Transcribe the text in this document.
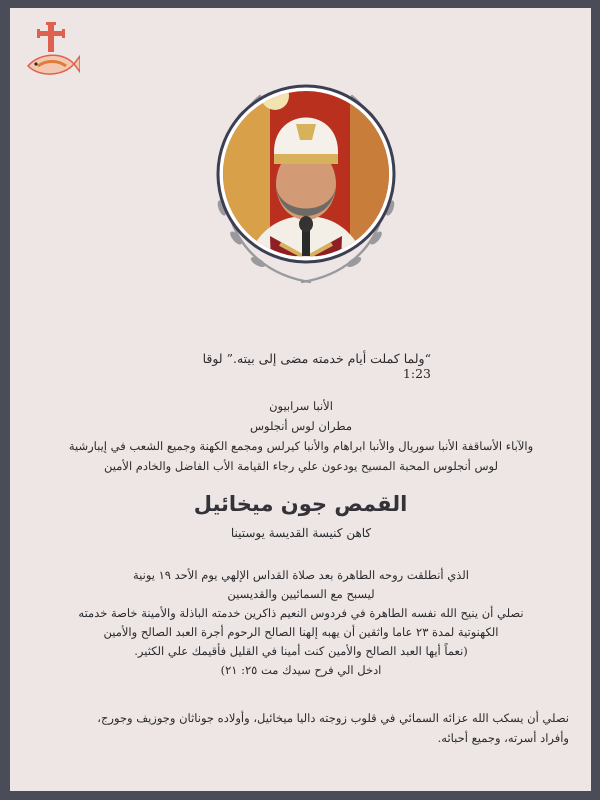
“ولما كملت أيام خدمته مضى إلى بيته.” لوقا 1:23
الأنبا سرابيون
مطران لوس أنجلوس
والآباء الأساقفة الأنبا سوريال والأنبا ابراهام والأنبا كيرلس ومجمع الكهنة وجميع الشعب في إيبارشية
لوس أنجلوس المحبة المسيح يودعون علي رجاء القيامة الأب الفاضل والخادم الأمين
القمص جون ميخائيل
كاهن كنيسة القديسة يوستينا
الذي أنطلقت روحه الطاهرة بعد صلاة القداس الإلهي يوم الأحد ١٩ يونية
ليسبح مع السمائيين والقديسين
نصلي أن ينيح الله نفسه الطاهرة في فردوس النعيم ذاكرين خدمته الباذلة والأمينة خاصة خدمته
الكهنوتية لمدة ٢٣ عاما واثقين أن يهبه إلهنا الصالح الرحوم أجرة العبد الصالح والأمين
(نعماً أيها العبد الصالح والأمين كنت أمينا في القليل فأقيمك علي الكثير.
ادخل الي فرح سيدك مت ٢٥: ٢١)
نصلي أن يسكب الله عزائه السمائي في قلوب زوجته داليا ميخائيل، وأولاده جوناثان وجوزيف وجورج،
وأفراد أسرته، وجميع أحبائه.
